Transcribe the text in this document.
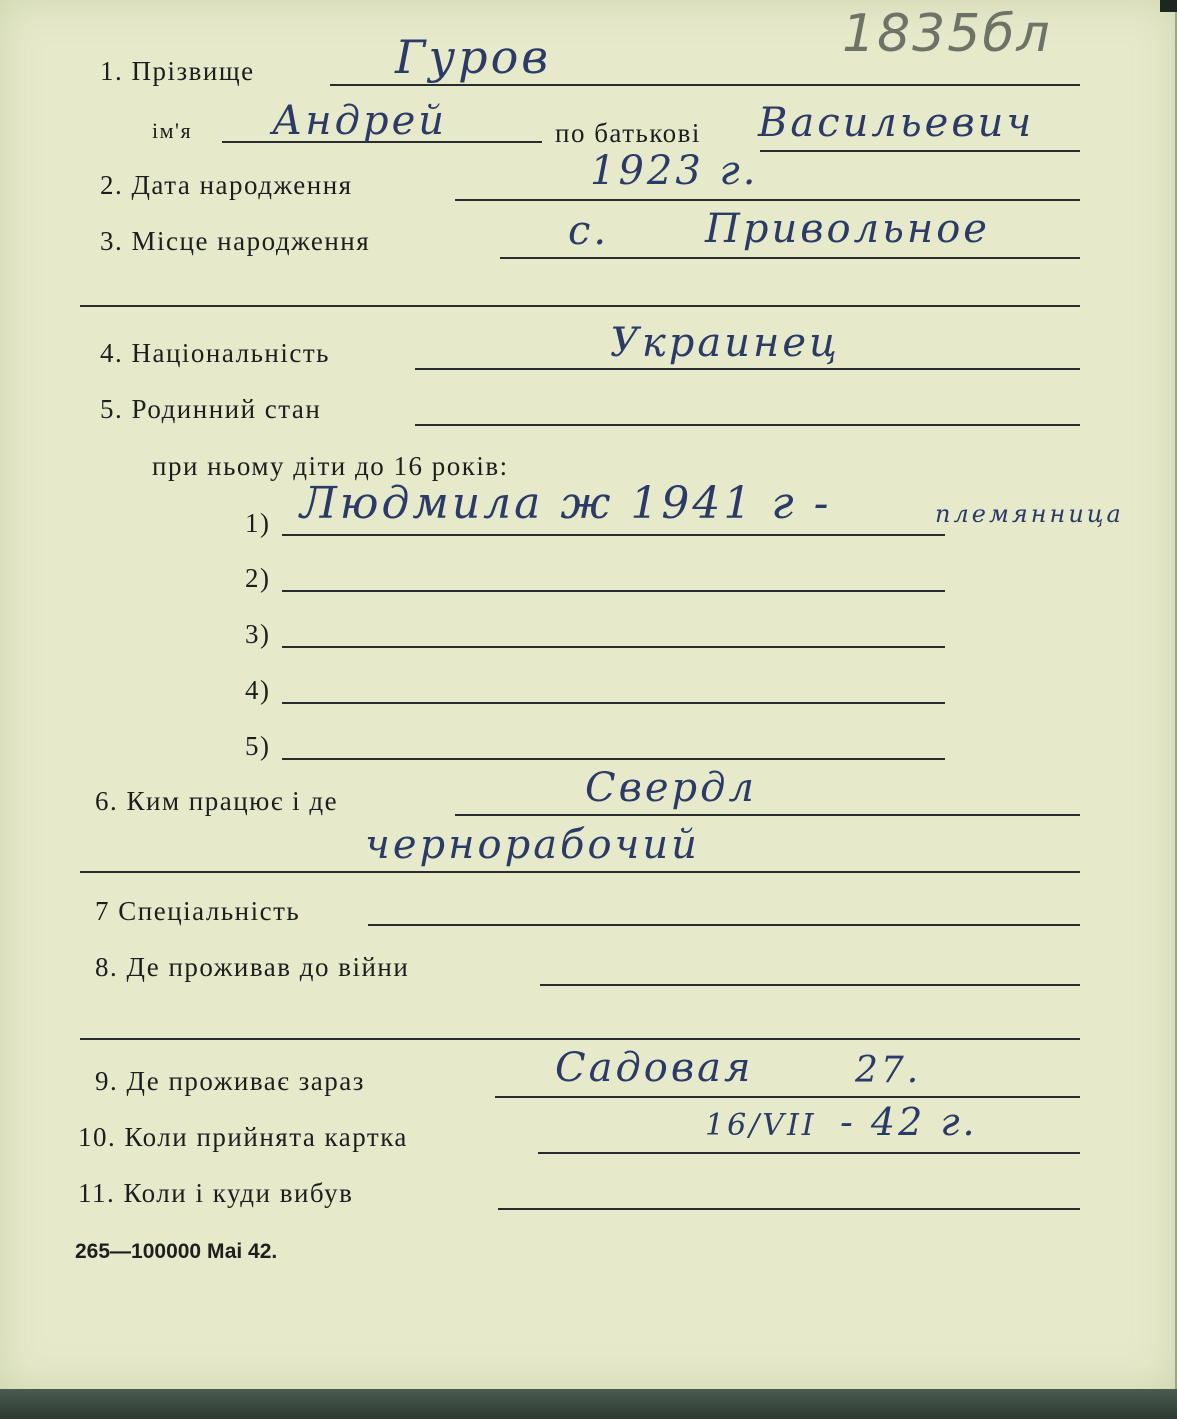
1835бл
1. Прізвище	Гуров
ім'я Андрей	по батькові Васильевич
2. Дата народження	1923 г.
3. Місце народження	с. Привольное
4. Національність	Украинец
5. Родинний стан
при ньому діти до 16 років:
1) Людмила ж 1941 г -	племянница
2)
3)
4)
5)
6. Ким працює і де	Свердл
чернорабочий
7 Спеціальність
8. Де проживав до війни
9. Де проживає зараз	Садовая	27.
10. Коли прийнята картка	16/VII - 42 г.
11. Коли і куди вибув
265—100000 Маі 42.
